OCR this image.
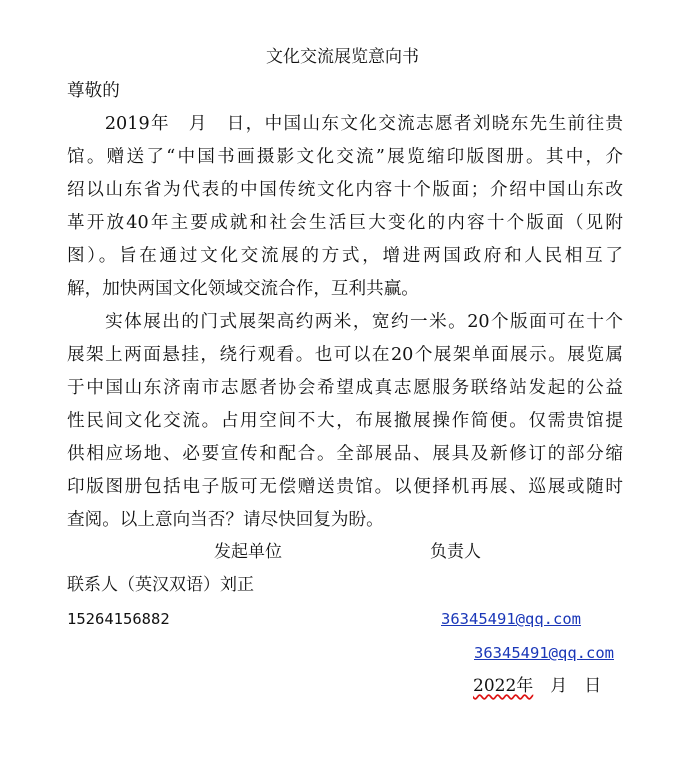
文化交流展览意向书
尊敬的
　　2019年　月　日，中国山东文化交流志愿者刘晓东先生前往贵
馆。赠送了“中国书画摄影文化交流”展览缩印版图册。其中，介
绍以山东省为代表的中国传统文化内容十个版面；介绍中国山东改
革开放40年主要成就和社会生活巨大变化的内容十个版面（见附
图）。旨在通过文化交流展的方式，增进两国政府和人民相互了
解，加快两国文化领域交流合作，互利共赢。
　　实体展出的门式展架高约两米，宽约一米。20个版面可在十个
展架上两面悬挂，绕行观看。也可以在20个展架单面展示。展览属
于中国山东济南市志愿者协会希望成真志愿服务联络站发起的公益
性民间文化交流。占用空间不大，布展撤展操作简便。仅需贵馆提
供相应场地、必要宣传和配合。全部展品、展具及新修订的部分缩
印版图册包括电子版可无偿赠送贵馆。以便择机再展、巡展或随时
查阅。以上意向当否？请尽快回复为盼。
发起单位	负责人
联系人（英汉双语）刘正
15264156882	36345491@qq.com
36345491@qq.com
2022年　月　日
